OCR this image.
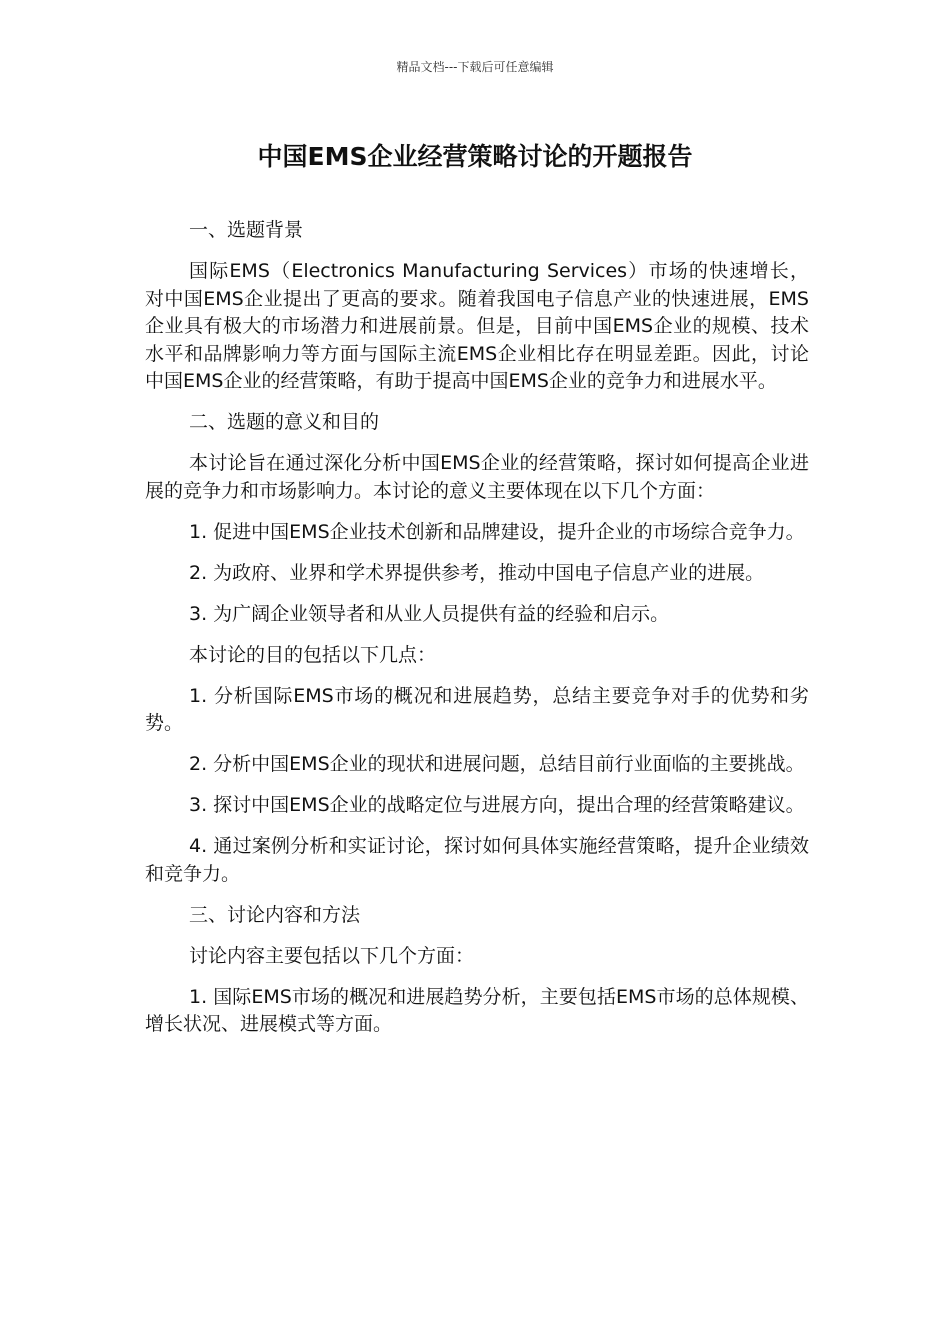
精品文档---下载后可任意编辑
中国EMS企业经营策略讨论的开题报告

一、选题背景

国际EMS（Electronics Manufacturing Services）市场的快速增长，对中国EMS企业提出了更高的要求。随着我国电子信息产业的快速进展，EMS企业具有极大的市场潜力和进展前景。但是，目前中国EMS企业的规模、技术水平和品牌影响力等方面与国际主流EMS企业相比存在明显差距。因此，讨论中国EMS企业的经营策略，有助于提高中国EMS企业的竞争力和进展水平。

二、选题的意义和目的

本讨论旨在通过深化分析中国EMS企业的经营策略，探讨如何提高企业进展的竞争力和市场影响力。本讨论的意义主要体现在以下几个方面：

1. 促进中国EMS企业技术创新和品牌建设，提升企业的市场综合竞争力。

2. 为政府、业界和学术界提供参考，推动中国电子信息产业的进展。

3. 为广阔企业领导者和从业人员提供有益的经验和启示。

本讨论的目的包括以下几点：

1. 分析国际EMS市场的概况和进展趋势，总结主要竞争对手的优势和劣势。

2. 分析中国EMS企业的现状和进展问题，总结目前行业面临的主要挑战。

3. 探讨中国EMS企业的战略定位与进展方向，提出合理的经营策略建议。

4. 通过案例分析和实证讨论，探讨如何具体实施经营策略，提升企业绩效和竞争力。

三、讨论内容和方法

讨论内容主要包括以下几个方面：

1. 国际EMS市场的概况和进展趋势分析，主要包括EMS市场的总体规模、增长状况、进展模式等方面。
